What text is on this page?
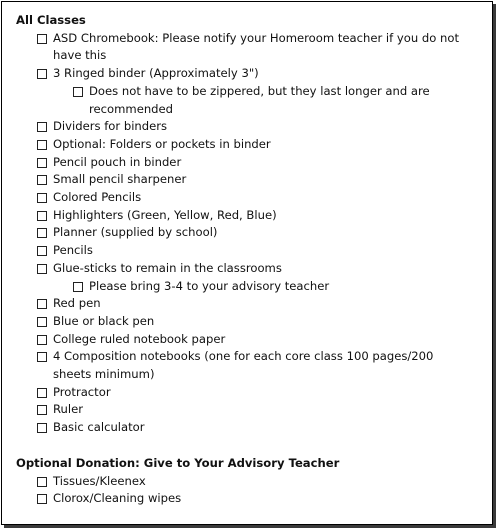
All Classes
ASD Chromebook: Please notify your Homeroom teacher if you do not have this
3 Ringed binder (Approximately 3")
Does not have to be zippered, but they last longer and are recommended
Dividers for binders
Optional: Folders or pockets in binder
Pencil pouch in binder
Small pencil sharpener
Colored Pencils
Highlighters (Green, Yellow, Red, Blue)
Planner (supplied by school)
Pencils
Glue-sticks to remain in the classrooms
Please bring 3-4 to your advisory teacher
Red pen
Blue or black pen
College ruled notebook paper
4 Composition notebooks (one for each core class 100 pages/200 sheets minimum)
Protractor
Ruler
Basic calculator
Optional Donation: Give to Your Advisory Teacher
Tissues/Kleenex
Clorox/Cleaning wipes
